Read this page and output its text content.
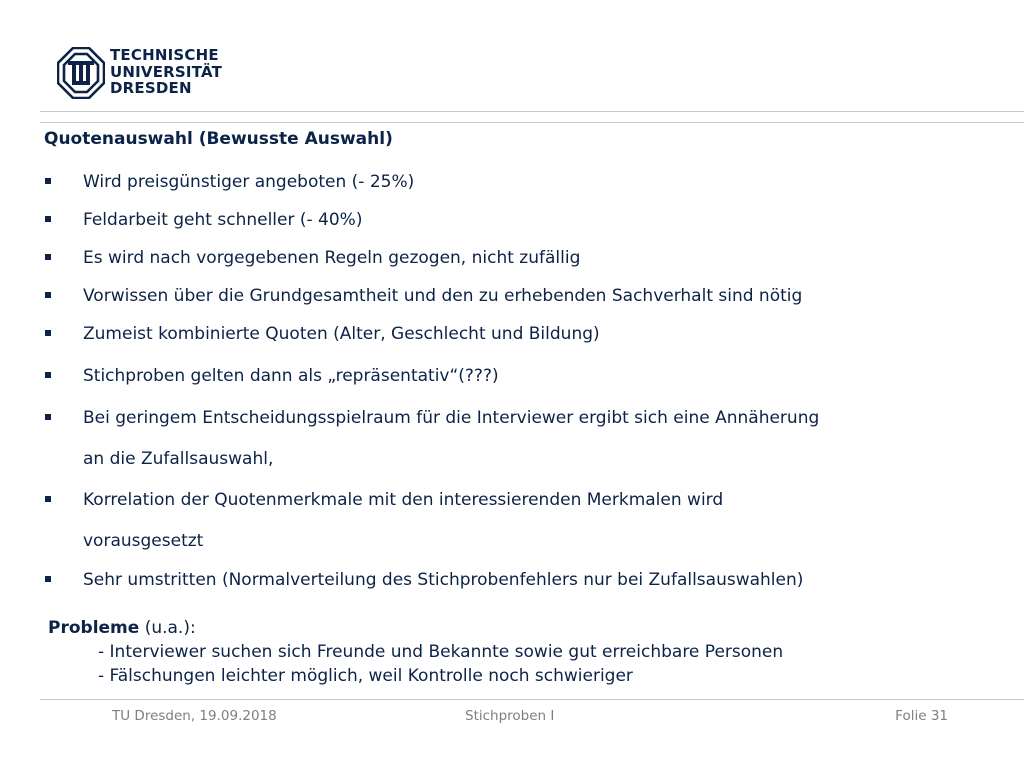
TECHNISCHE
UNIVERSITÄT
DRESDEN

Quotenauswahl (Bewusste Auswahl)
Wird preisgünstiger angeboten (- 25%)
Feldarbeit geht schneller (- 40%)
Es wird nach vorgegebenen Regeln gezogen, nicht zufällig
Vorwissen über die Grundgesamtheit und den zu erhebenden Sachverhalt sind nötig
Zumeist kombinierte Quoten (Alter, Geschlecht und Bildung)
Stichproben gelten dann als „repräsentativ“(???)
Bei geringem Entscheidungsspielraum für die Interviewer ergibt sich eine Annäherung
an die Zufallsauswahl,
Korrelation der Quotenmerkmale mit den interessierenden Merkmalen wird
vorausgesetzt
Sehr umstritten (Normalverteilung des Stichprobenfehlers nur bei Zufallsauswahlen)

Probleme (u.a.):
- Interviewer suchen sich Freunde und Bekannte sowie gut erreichbare Personen
- Fälschungen leichter möglich, weil Kontrolle noch schwieriger

TU Dresden, 19.09.2018	Stichproben I	Folie 31
